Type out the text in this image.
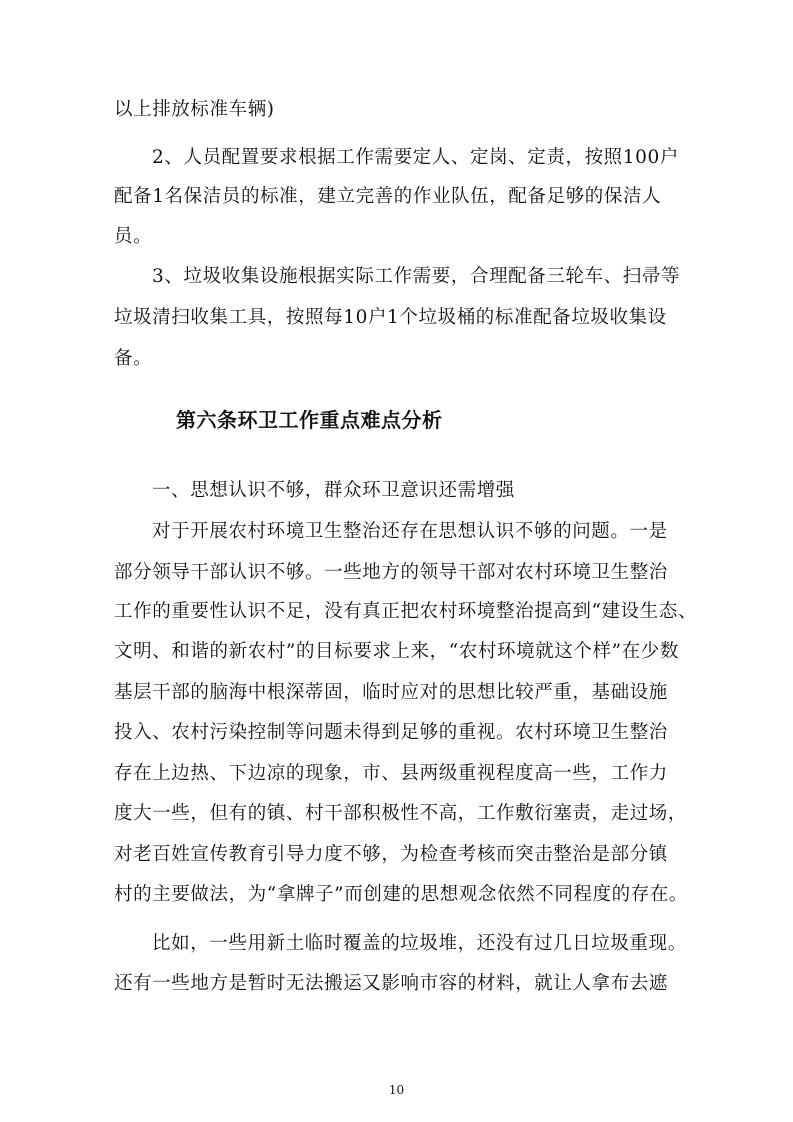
以上排放标准车辆)
2、人员配置要求根据工作需要定人、定岗、定责，按照100户
配备1名保洁员的标准，建立完善的作业队伍，配备足够的保洁人
员。
3、垃圾收集设施根据实际工作需要，合理配备三轮车、扫帚等
垃圾清扫收集工具，按照每10户1个垃圾桶的标准配备垃圾收集设
备。
第六条环卫工作重点难点分析
一、思想认识不够，群众环卫意识还需增强
对于开展农村环境卫生整治还存在思想认识不够的问题。一是
部分领导干部认识不够。一些地方的领导干部对农村环境卫生整治
工作的重要性认识不足，没有真正把农村环境整治提高到“建设生态、
文明、和谐的新农村”的目标要求上来，“农村环境就这个样”在少数
基层干部的脑海中根深蒂固，临时应对的思想比较严重，基础设施
投入、农村污染控制等问题未得到足够的重视。农村环境卫生整治
存在上边热、下边凉的现象，市、县两级重视程度高一些，工作力
度大一些，但有的镇、村干部积极性不高，工作敷衍塞责，走过场，
对老百姓宣传教育引导力度不够，为检查考核而突击整治是部分镇
村的主要做法，为“拿牌子”而创建的思想观念依然不同程度的存在。
比如，一些用新土临时覆盖的垃圾堆，还没有过几日垃圾重现。
还有一些地方是暂时无法搬运又影响市容的材料，就让人拿布去遮
10
